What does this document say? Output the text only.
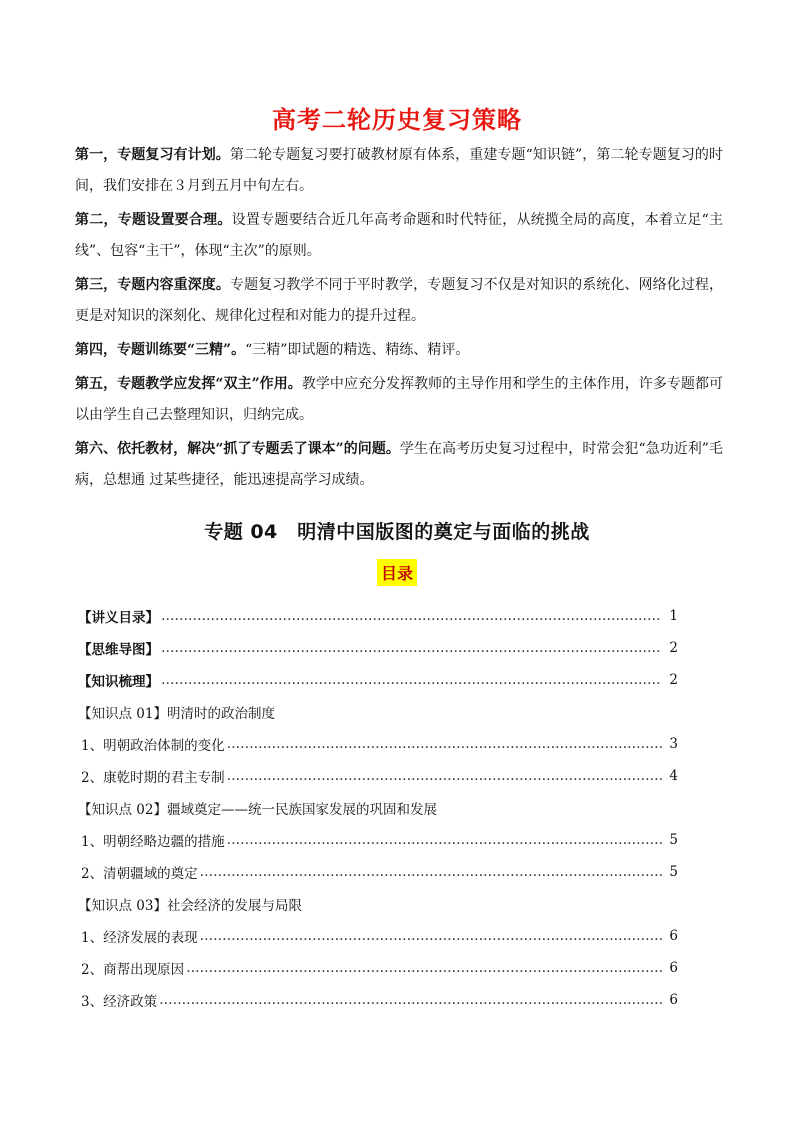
高考二轮历史复习策略

第一，专题复习有计划。第二轮专题复习要打破教材原有体系，重建专题“知识链”，第二轮专题复习的时间，我们安排在３月到五月中旬左右。

第二，专题设置要合理。设置专题要结合近几年高考命题和时代特征，从统揽全局的高度，本着立足“主线”、包容“主干”，体现“主次”的原则。

第三，专题内容重深度。专题复习教学不同于平时教学，专题复习不仅是对知识的系统化、网络化过程，更是对知识的深刻化、规律化过程和对能力的提升过程。

第四，专题训练要“三精”。“三精”即试题的精选、精练、精评。

第五，专题教学应发挥“双主”作用。教学中应充分发挥教师的主导作用和学生的主体作用，许多专题都可以由学生自己去整理知识，归纳完成。

第六、依托教材，解决“抓了专题丢了课本”的问题。学生在高考历史复习过程中，时常会犯“急功近利”毛病，总想通 过某些捷径，能迅速提高学习成绩。

专题 04　明清中国版图的奠定与面临的挑战
目录
【讲义目录】 ……………………………………………………………………………………………………………………………………………………………………………	1
【思维导图】 ……………………………………………………………………………………………………………………………………………………………………………	2
【知识梳理】 ……………………………………………………………………………………………………………………………………………………………………………	2
【知识点 01】明清时的政治制度
1、明朝政治体制的变化 ……………………………………………………………………………………………………………………………………………………………………………	3
2、康乾时期的君主专制 ……………………………………………………………………………………………………………………………………………………………………………	4
【知识点 02】疆域奠定——统一民族国家发展的巩固和发展
1、明朝经略边疆的措施 ……………………………………………………………………………………………………………………………………………………………………………	5
2、清朝疆域的奠定 ……………………………………………………………………………………………………………………………………………………………………………	5
【知识点 03】社会经济的发展与局限
1、经济发展的表现 ……………………………………………………………………………………………………………………………………………………………………………	6
2、商帮出现原因 ……………………………………………………………………………………………………………………………………………………………………………	6
3、经济政策 ……………………………………………………………………………………………………………………………………………………………………………	6
